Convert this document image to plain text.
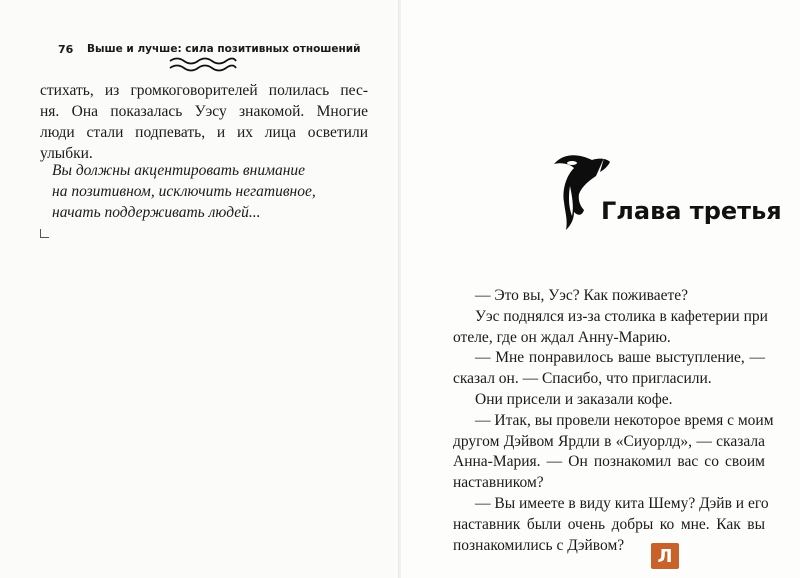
76 Выше и лучше: сила позитивных отношений
стихать, из громкоговорителей полилась пес-
ня. Она показалась Уэсу знакомой. Многие
люди стали подпевать, и их лица осветили
улыбки.
Вы должны акцентировать внимание
на позитивном, исключить негативное,
начать поддерживать людей...	Глава третья
— Это вы, Уэс? Как поживаете?
Уэс поднялся из-за столика в кафетерии при
отеле, где он ждал Анну-Марию.
— Мне понравилось ваше выступление, —
сказал он. — Спасибо, что пригласили.
Они присели и заказали кофе.
— Итак, вы провели некоторое время с моим
другом Дэйвом Ярдли в «Сиуорлд», — сказала
Анна-Мария. — Он познакомил вас со своим
наставником?
— Вы имеете в виду кита Шему? Дэйв и его
наставник были очень добры ко мне. Как вы
познакомились с Дэйвом?
Л
